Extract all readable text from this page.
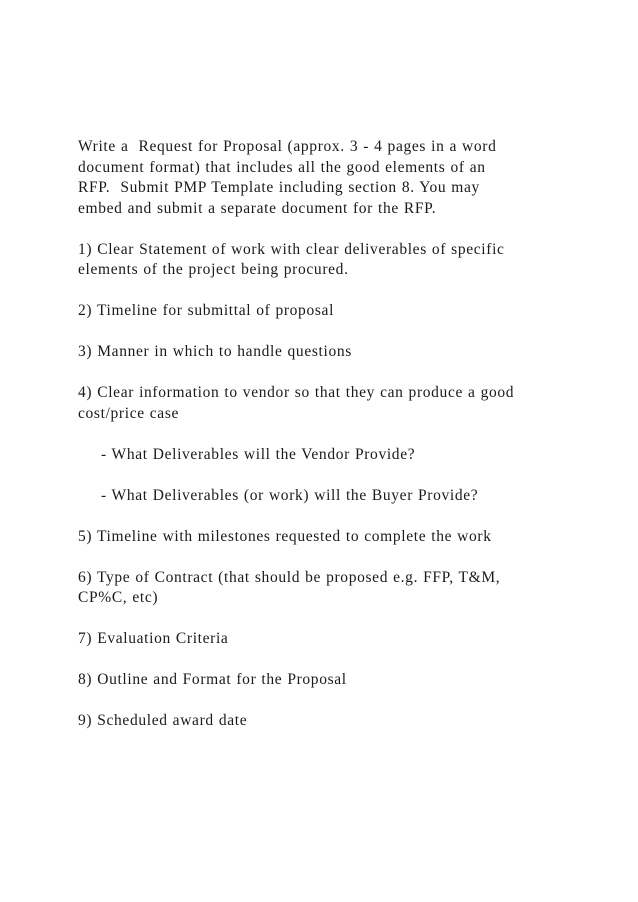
Write a  Request for Proposal (approx. 3 - 4 pages in a word
document format) that includes all the good elements of an
RFP.  Submit PMP Template including section 8. You may
embed and submit a separate document for the RFP.
1) Clear Statement of work with clear deliverables of specific
elements of the project being procured.
2) Timeline for submittal of proposal
3) Manner in which to handle questions
4) Clear information to vendor so that they can produce a good
cost/price case
- What Deliverables will the Vendor Provide?
- What Deliverables (or work) will the Buyer Provide?
5) Timeline with milestones requested to complete the work
6) Type of Contract (that should be proposed e.g. FFP, T&M,
CP%C, etc)
7) Evaluation Criteria
8) Outline and Format for the Proposal
9) Scheduled award date
